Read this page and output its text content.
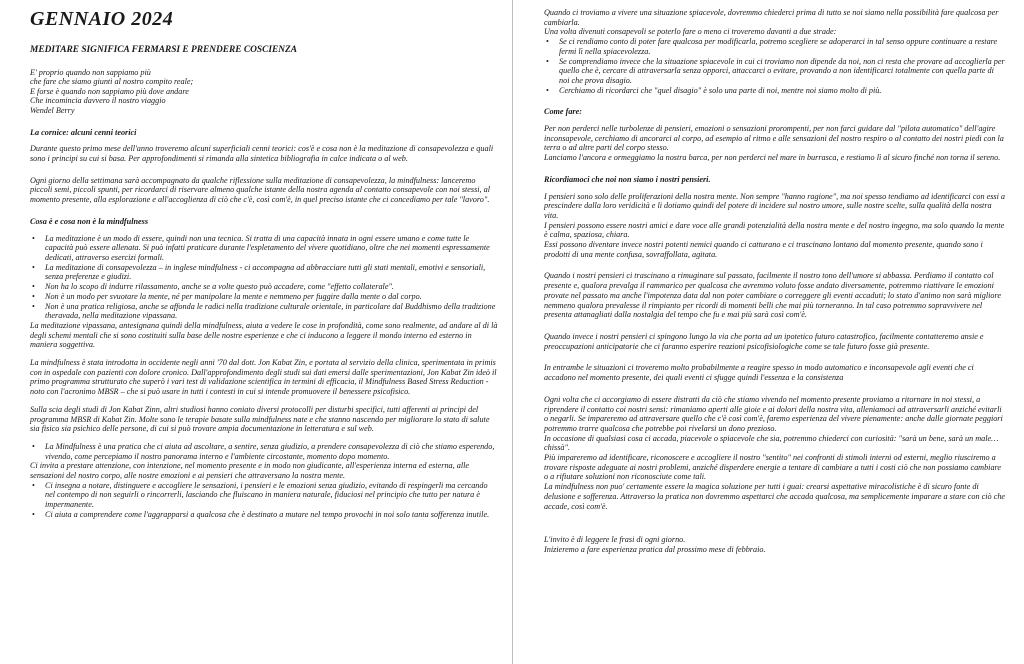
GENNAIO 2024
MEDITARE SIGNIFICA FERMARSI E PRENDERE COSCIENZA

E' proprio quando non sappiamo più

che fare che siamo giunti al nostro compito reale;

E forse è quando non sappiamo più dove andare

Che incomincia davvero il nostro viaggio

Wendel Berry

La cornice: alcuni cenni teorici

Durante questo primo mese dell'anno troveremo alcuni superficiali cenni teorici: cos'è e cosa non è la meditazione di consapevolezza e quali sono i principi su cui si basa. Per approfondimenti si rimanda alla sintetica bibliografia in calce indicata o al web.

Ogni giorno della settimana sarà accompagnato da qualche riflessione sulla meditazione di consapevolezza, la mindfulness: lanceremo piccoli semi, piccoli spunti, per ricordarci di riservare almeno qualche istante della nostra agenda al contatto consapevole con noi stessi, al momento presente, alla esplorazione e all'accoglienza di ciò che c'è, così com'è, in quel preciso istante che ci concediamo per tale "lavoro".

Cosa è e cosa non è la mindfulness
• La meditazione è un modo di essere, quindi non una tecnica. Si tratta di una capacità innata in ogni essere umano e come tutte le capacità può essere allenata. Si può infatti praticare durante l'espletamento del vivere quotidiano, oltre che nei momenti espressamente dedicati, attraverso esercizi formali.
• La meditazione di consapevolezza – in inglese mindfulness - ci accompagna ad abbracciare tutti gli stati mentali, emotivi e sensoriali, senza preferenze e giudizi.
• Non ha lo scopo di indurre rilassamento, anche se a volte questo può accadere, come "effetto collaterale".
• Non è un modo per svuotare la mente, né per manipolare la mente e nemmeno per fuggire dalla mente o dal corpo.
• Non è una pratica religiosa, anche se affonda le radici nella tradizione culturale orientale, in particolare dal Buddhismo della tradizione theravada, nella meditazione vipassana.

La meditazione vipassana, antesignana quindi della mindfulness, aiuta a vedere le cose in profondità, come sono realmente, ad andare al di là degli schemi mentali che si sono costituiti sulla base delle nostre esperienze e che ci inducono a leggere il mondo interno ed esterno in maniera soggettiva.

La mindfulness è stata introdotta in occidente negli anni '70 dal dott. Jon Kabat Zin, e portata al servizio della clinica, sperimentata in primis con in ospedale con pazienti con dolore cronico. Dall'approfondimento degli studi sui dati emersi dalle sperimentazioni, Jon Kabat Zin ideò il primo programma strutturato che superò i vari test di validazione scientifica in termini di efficacia, il Mindfulness Based Stress Reduction - noto con l'acronimo MBSR – che si può usare in tutti i contesti in cui si intende promuovere il benessere psicofisico.

Sulla scia degli studi di Jon Kabat Zinn, altri studiosi hanno coniato diversi protocolli per disturbi specifici, tutti afferenti ai principi del programma MBSR di Kabat Zin. Molte sono le terapie basate sulla mindfulness nate e che stanno nascendo per migliorare lo stato di salute sia fisico sia psichico delle persone, di cui si può trovare ampia documentazione in letteratura e sul web.

• La Mindfulness è una pratica che ci aiuta ad ascoltare, a sentire, senza giudizio, a prendere consapevolezza di ciò che stiamo esperendo, vivendo, come percepiamo il nostro panorama interno e l'ambiente circostante, momento dopo momento.

Ci invita a prestare attenzione, con intenzione, nel momento presente e in modo non giudicante, all'esperienza interna ed esterna, alle sensazioni del nostro corpo, alle nostre emozioni e ai pensieri che attraversano la nostra mente.

• Ci insegna a notare, distinguere e accogliere le sensazioni, i pensieri e le emozioni senza giudizio, evitando di respingerli ma cercando nel contempo di non seguirli o rincorrerli, lasciando che fluiscano in maniera naturale, fiduciosi nel principio che tutto per natura è impermanente.
• Ci aiuta a comprendere come l'aggrapparsi a qualcosa che è destinato a mutare nel tempo provochi in noi solo tanta sofferenza inutile.

Quando ci troviamo a vivere una situazione spiacevole, dovremmo chiederci prima di tutto se noi siamo nella possibilità fare qualcosa per cambiarla.

Una volta divenuti consapevoli se poterlo fare o meno ci troveremo davanti a due strade:

• Se ci rendiamo conto di poter fare qualcosa per modificarla, potremo scegliere se adoperarci in tal senso oppure continuare a restare fermi lì nella spiacevolezza.
• Se comprendiamo invece che la situazione spiacevole in cui ci troviamo non dipende da noi, non ci resta che provare ad accoglierla per quello che è, cercare di attraversarla senza opporci, attaccarci o evitare, provando a non identificarci totalmente con quella parte di noi che prova disagio.
• Cerchiamo di ricordarci che "quel disagio" è solo una parte di noi, mentre noi siamo molto di più.
Come fare:

Per non perderci nelle turbolenze di pensieri, emozioni o sensazioni prorompenti, per non farci guidare dal "pilota automatico" dell'agire inconsapevole, cerchiamo di ancorarci al corpo, ad esempio al ritmo e alle sensazioni del nostro respiro o al contatto dei nostri piedi con la terra o ad altre parti del corpo stesso.

Lanciamo l'ancora e ormeggiamo la nostra barca, per non perderci nel mare in burrasca, e restiamo lì al sicuro finché non torna il sereno.

Ricordiamoci che noi non siamo i nostri pensieri.

I pensieri sono solo delle proliferazioni della nostra mente. Non sempre "hanno ragione", ma noi spesso tendiamo ad identificarci con essi a prescindere dalla loro veridicità e li dotiamo quindi del potere di incidere sul nostro umore, sulle nostre scelte, sulla qualità della nostra vita.

I pensieri possono essere nostri amici e dare voce alle grandi potenzialità della nostra mente e del nostro ingegno, ma solo quando la mente è calma, spaziosa, chiara.

Essi possono diventare invece nostri potenti nemici quando ci catturano e ci trascinano lontano dal momento presente, quando sono i prodotti di una mente confusa, sovraffollata, agitata.

Quando i nostri pensieri ci trascinano a rimuginare sul passato, facilmente il nostro tono dell'umore si abbassa. Perdiamo il contatto col presente e, qualora prevalga il rammarico per qualcosa che avremmo voluto fosse andato diversamente, potremmo riattivare le emozioni provate nel passato ma anche l'impotenza data dal non poter cambiare o correggere gli eventi accaduti; lo stato d'animo non sarà migliore nemmeno qualora prevalesse il rimpianto per ricordi di momenti belli che mai più torneranno. In tal caso potremmo sopravvivere nel presenta attanagliati dalla nostalgia del tempo che fu e mai più sarà così com'è.

Quando invece i nostri pensieri ci spingono lungo la via che porta ad un ipotetico futuro catastrofico, facilmente contatteremo ansie e preoccupazioni anticipatorie che ci faranno esperire reazioni psicofisiologiche come se tale futuro fosse già presente.

In entrambe le situazioni ci troveremo molto probabilmente a reagire spesso in modo automatico e inconsapevole agli eventi che ci accadono nel momento presente, dei quali eventi ci sfugge quindi l'essenza e la consistenza

Ogni volta che ci accorgiamo di essere distratti da ciò che stiamo vivendo nel momento presente proviamo a ritornare in noi stessi, a riprendere il contatto coi nostri sensi: rimaniamo aperti alle gioie e ai dolori della nostra vita, alleniamoci ad attraversarli anziché evitarli o negarli. Se impareremo ad attraversare quello che c'è così com'è, faremo esperienza del vivere pienamente: anche dalle giornate peggiori potremmo trarre qualcosa che potrebbe poi rivelarsi un dono prezioso.

In occasione di qualsiasi cosa ci accada, piacevole o spiacevole che sia, potremmo chiederci con curiosità: "sarà un bene, sarà un male… chissà".

Più impareremo ad identificare, riconoscere e accogliere il nostro "sentito" nei confronti di stimoli interni od esterni, meglio riusciremo a trovare risposte adeguate ai nostri problemi, anziché disperdere energie a tentare di cambiare a tutti i costi ciò che non possiamo cambiare o a rifiutare soluzioni non riconosciute come tali.

La mindfulness non puo' certamente essere la magica soluzione per tutti i guai: crearsi aspettative miracolistiche è di sicuro fonte di delusione e sofferenza. Attraverso la pratica non dovremmo aspettarci che accada qualcosa, ma semplicemente imparare a stare con ciò che accade, così com'è.

L'invito è di leggere le frasi di ogni giorno.

Inizieremo a fare esperienza pratica dal prossimo mese di febbraio.
